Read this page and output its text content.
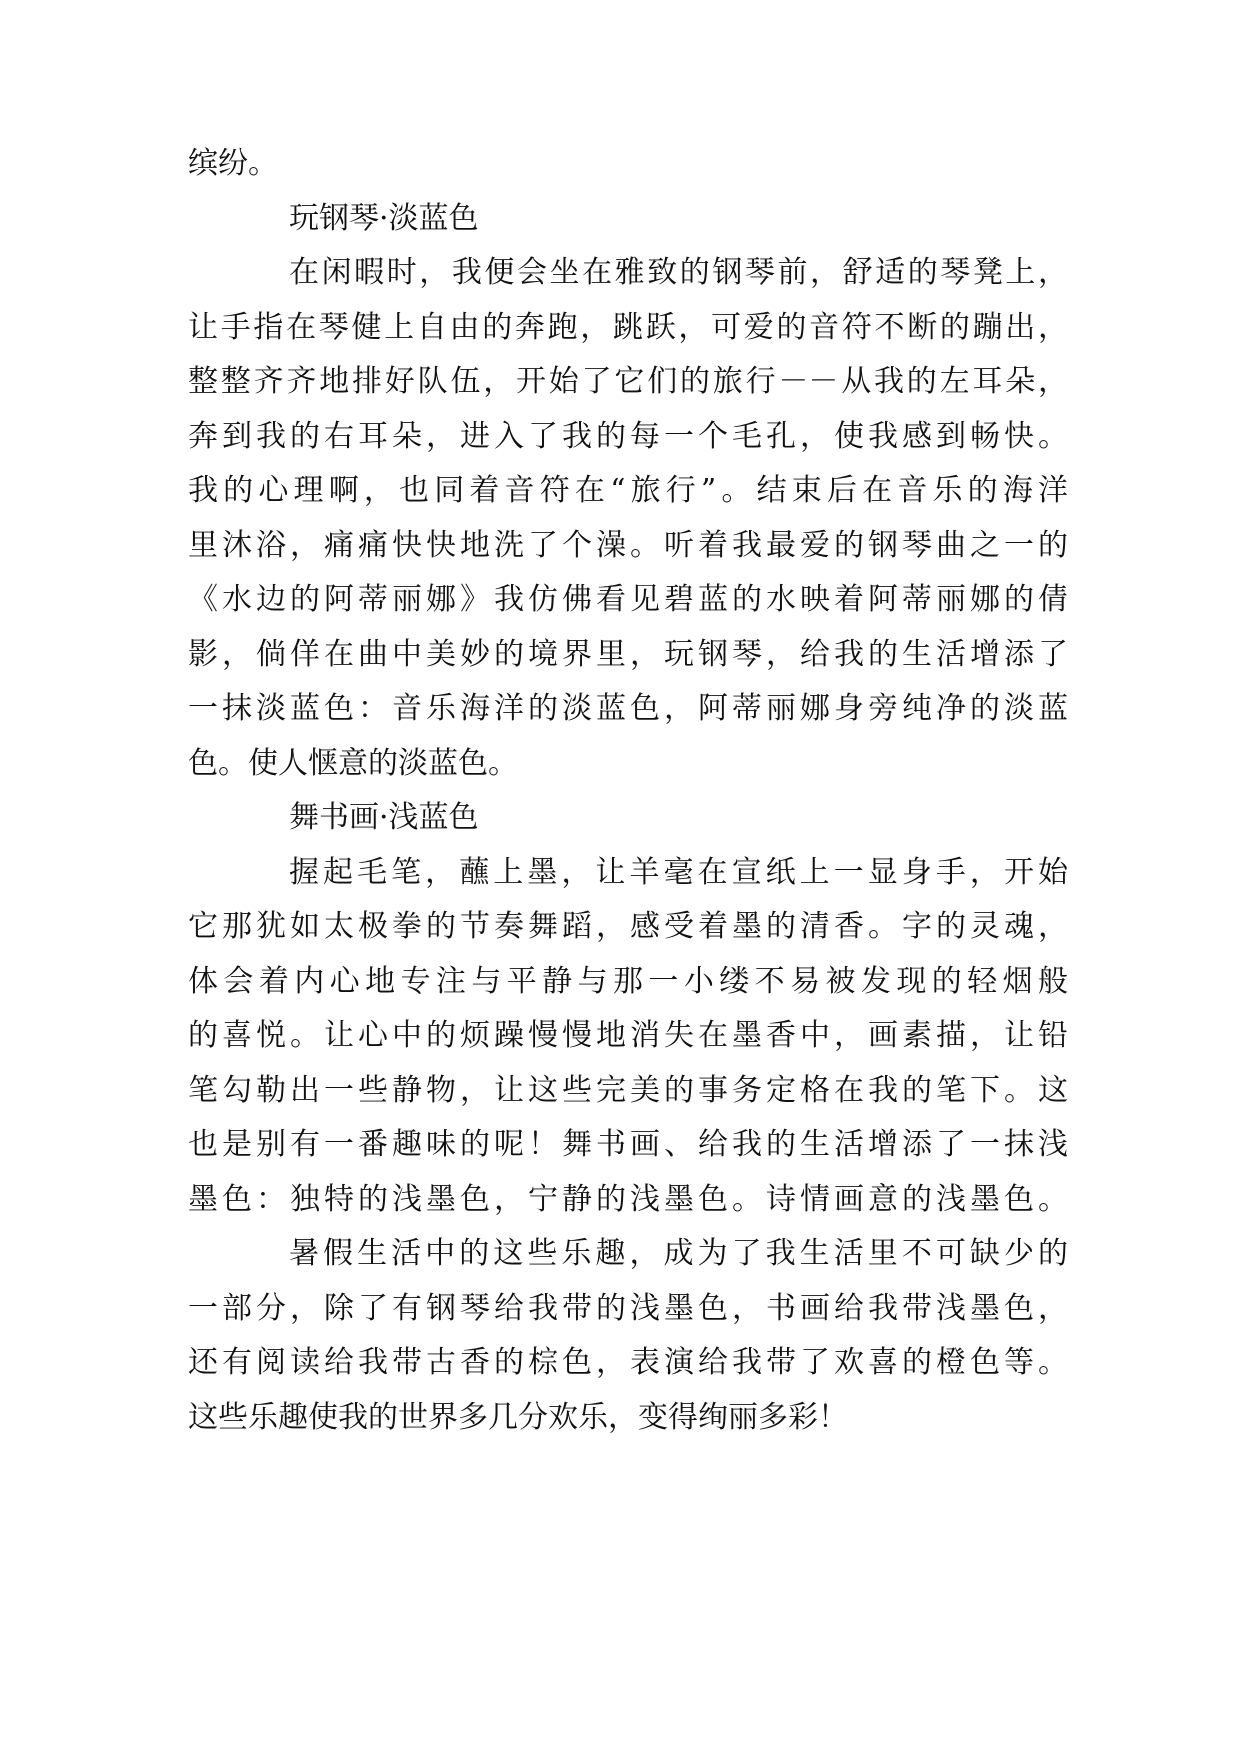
缤纷。
玩钢琴·淡蓝色
在闲暇时，我便会坐在雅致的钢琴前，舒适的琴凳上，
让手指在琴健上自由的奔跑，跳跃，可爱的音符不断的蹦出，
整整齐齐地排好队伍，开始了它们的旅行－－从我的左耳朵，
奔到我的右耳朵，进入了我的每一个毛孔，使我感到畅快。
我的心理啊，也同着音符在“旅行”。结束后在音乐的海洋
里沐浴，痛痛快快地洗了个澡。听着我最爱的钢琴曲之一的
《水边的阿蒂丽娜》我仿佛看见碧蓝的水映着阿蒂丽娜的倩
影，倘佯在曲中美妙的境界里，玩钢琴，给我的生活增添了
一抹淡蓝色：音乐海洋的淡蓝色，阿蒂丽娜身旁纯净的淡蓝
色。使人惬意的淡蓝色。
舞书画·浅蓝色
握起毛笔，蘸上墨，让羊毫在宣纸上一显身手，开始
它那犹如太极拳的节奏舞蹈，感受着墨的清香。字的灵魂，
体会着内心地专注与平静与那一小缕不易被发现的轻烟般
的喜悦。让心中的烦躁慢慢地消失在墨香中，画素描，让铅
笔勾勒出一些静物，让这些完美的事务定格在我的笔下。这
也是别有一番趣味的呢！舞书画、给我的生活增添了一抹浅
墨色：独特的浅墨色，宁静的浅墨色。诗情画意的浅墨色。
暑假生活中的这些乐趣，成为了我生活里不可缺少的
一部分，除了有钢琴给我带的浅墨色，书画给我带浅墨色，
还有阅读给我带古香的棕色，表演给我带了欢喜的橙色等。
这些乐趣使我的世界多几分欢乐，变得绚丽多彩！
